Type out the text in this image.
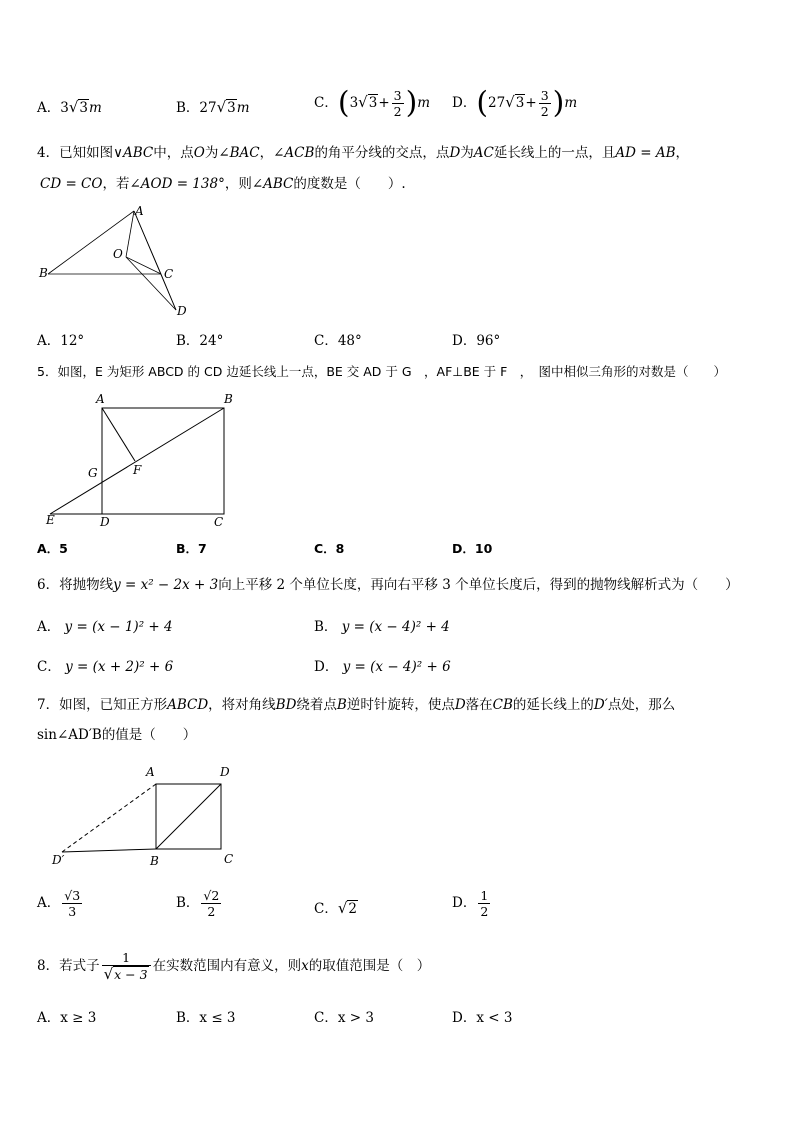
A．3√3m	B．27√3m	C．$(3√3+ \frac{3}{2} )m$ D．$(27√3+ \frac{3}{2} )m$
4．已知如图∨ABC中，点O为∠BAC，∠ACB的角平分线的交点，点D为AC延长线上的一点，且AD = AB，
CD = CO，若∠AOD = 138°，则∠ABC的度数是（　　）.
A
B	C
O
D
A．12°	B．24°	C．48°	D．96°
5．如图，E 为矩形 ABCD 的 CD 边延长线上一点，BE 交 AD 于 G　，AF⊥BE 于 F　，　图中相似三角形的对数是（　　）
A	B
G	F
E	D	C
A．5	B．7	C．8	D．10
6．将抛物线y = x² − 2x + 3向上平移 2 个单位长度，再向右平移 3 个单位长度后，得到的抛物线解析式为（　　）
A． y = (x − 1)² + 4	B． y = (x − 4)² + 4
C． y = (x + 2)² + 6	D． y = (x − 4)² + 6
7．如图，已知正方形ABCD，将对角线BD绕着点B逆时针旋转，使点D落在CB的延长线上的D′点处，那么
sin∠AD′B的值是（　　）
A	D
B	C
D′
A． $\frac{√3}{3}$	B． $\frac{√2}{2}$	C．√2	D． $\frac{1}{2}$
8．若式子 $\frac{1}{√x - 3}$ 在实数范围内有意义，则x的取值范围是（　）
A．x ≥ 3	B．x ≤ 3	C．x > 3	D．x < 3
